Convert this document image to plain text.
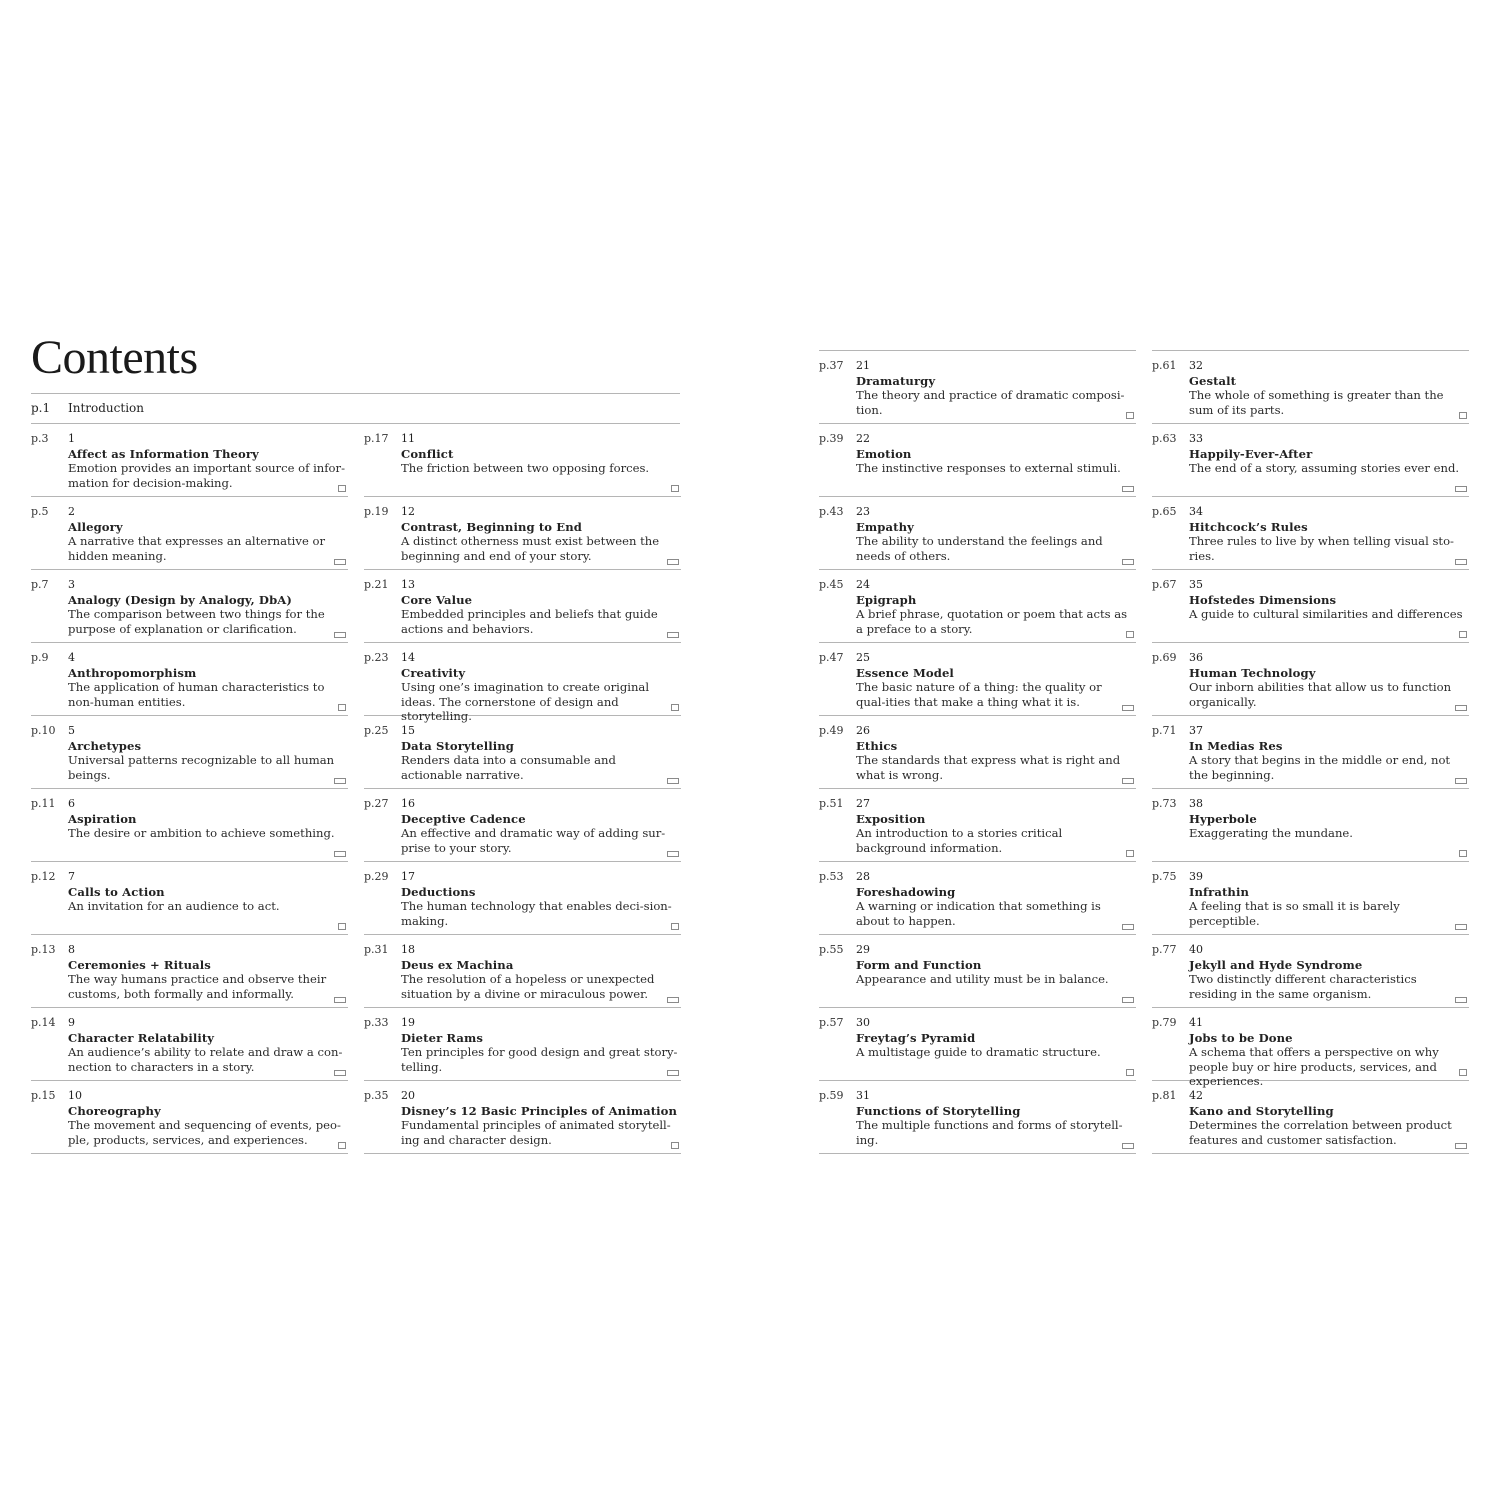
Contents
p.1 Introduction
p.3 1
Affect as Information Theory
Emotion provides an important source of infor-mation for decision-making.
p.5 2
Allegory
A narrative that expresses an alternative or hidden meaning.
p.7 3
Analogy (Design by Analogy, DbA)
The comparison between two things for the purpose of explanation or clarification.
p.9 4
Anthropomorphism
The application of human characteristics to non-human entities.
p.10 5
Archetypes
Universal patterns recognizable to all human beings.
p.11 6
Aspiration
The desire or ambition to achieve something.
p.12 7
Calls to Action
An invitation for an audience to act.
p.13 8
Ceremonies + Rituals
The way humans practice and observe their customs, both formally and informally.
p.14 9
Character Relatability
An audience’s ability to relate and draw a con-nection to characters in a story.
p.15 10
Choreography
The movement and sequencing of events, peo-ple, products, services, and experiences.
p.17 11
Conflict
The friction between two opposing forces.
p.19 12
Contrast, Beginning to End
A distinct otherness must exist between the beginning and end of your story.
p.21 13
Core Value
Embedded principles and beliefs that guide actions and behaviors.
p.23 14
Creativity
Using one’s imagination to create original ideas. The cornerstone of design and storytelling.
p.25 15
Data Storytelling
Renders data into a consumable and actionable narrative.
p.27 16
Deceptive Cadence
An effective and dramatic way of adding sur-prise to your story.
p.29 17
Deductions
The human technology that enables deci-sion-making.
p.31 18
Deus ex Machina
The resolution of a hopeless or unexpected situation by a divine or miraculous power.
p.33 19
Dieter Rams
Ten principles for good design and great story-telling.
p.35 20
Disney’s 12 Basic Principles of Animation
Fundamental principles of animated storytell-ing and character design.
p.37 21
Dramaturgy
The theory and practice of dramatic composi-tion.
p.39 22
Emotion
The instinctive responses to external stimuli.
p.43 23
Empathy
The ability to understand the feelings and needs of others.
p.45 24
Epigraph
A brief phrase, quotation or poem that acts as a preface to a story.
p.47 25
Essence Model
The basic nature of a thing: the quality or qual-ities that make a thing what it is.
p.49 26
Ethics
The standards that express what is right and what is wrong.
p.51 27
Exposition
An introduction to a stories critical background information.
p.53 28
Foreshadowing
A warning or indication that something is about to happen.
p.55 29
Form and Function
Appearance and utility must be in balance.
p.57 30
Freytag’s Pyramid
A multistage guide to dramatic structure.
p.59 31
Functions of Storytelling
The multiple functions and forms of storytell-ing.
p.61 32
Gestalt
The whole of something is greater than the sum of its parts.
p.63 33
Happily-Ever-After
The end of a story, assuming stories ever end.
p.65 34
Hitchcock’s Rules
Three rules to live by when telling visual sto-ries.
p.67 35
Hofstedes Dimensions
A guide to cultural similarities and differences
p.69 36
Human Technology
Our inborn abilities that allow us to function organically.
p.71 37
In Medias Res
A story that begins in the middle or end, not the beginning.
p.73 38
Hyperbole
Exaggerating the mundane.
p.75 39
Infrathin
A feeling that is so small it is barely perceptible.
p.77 40
Jekyll and Hyde Syndrome
Two distinctly different characteristics residing in the same organism.
p.79 41
Jobs to be Done
A schema that offers a perspective on why people buy or hire products, services, and experiences.
p.81 42
Kano and Storytelling
Determines the correlation between product features and customer satisfaction.
